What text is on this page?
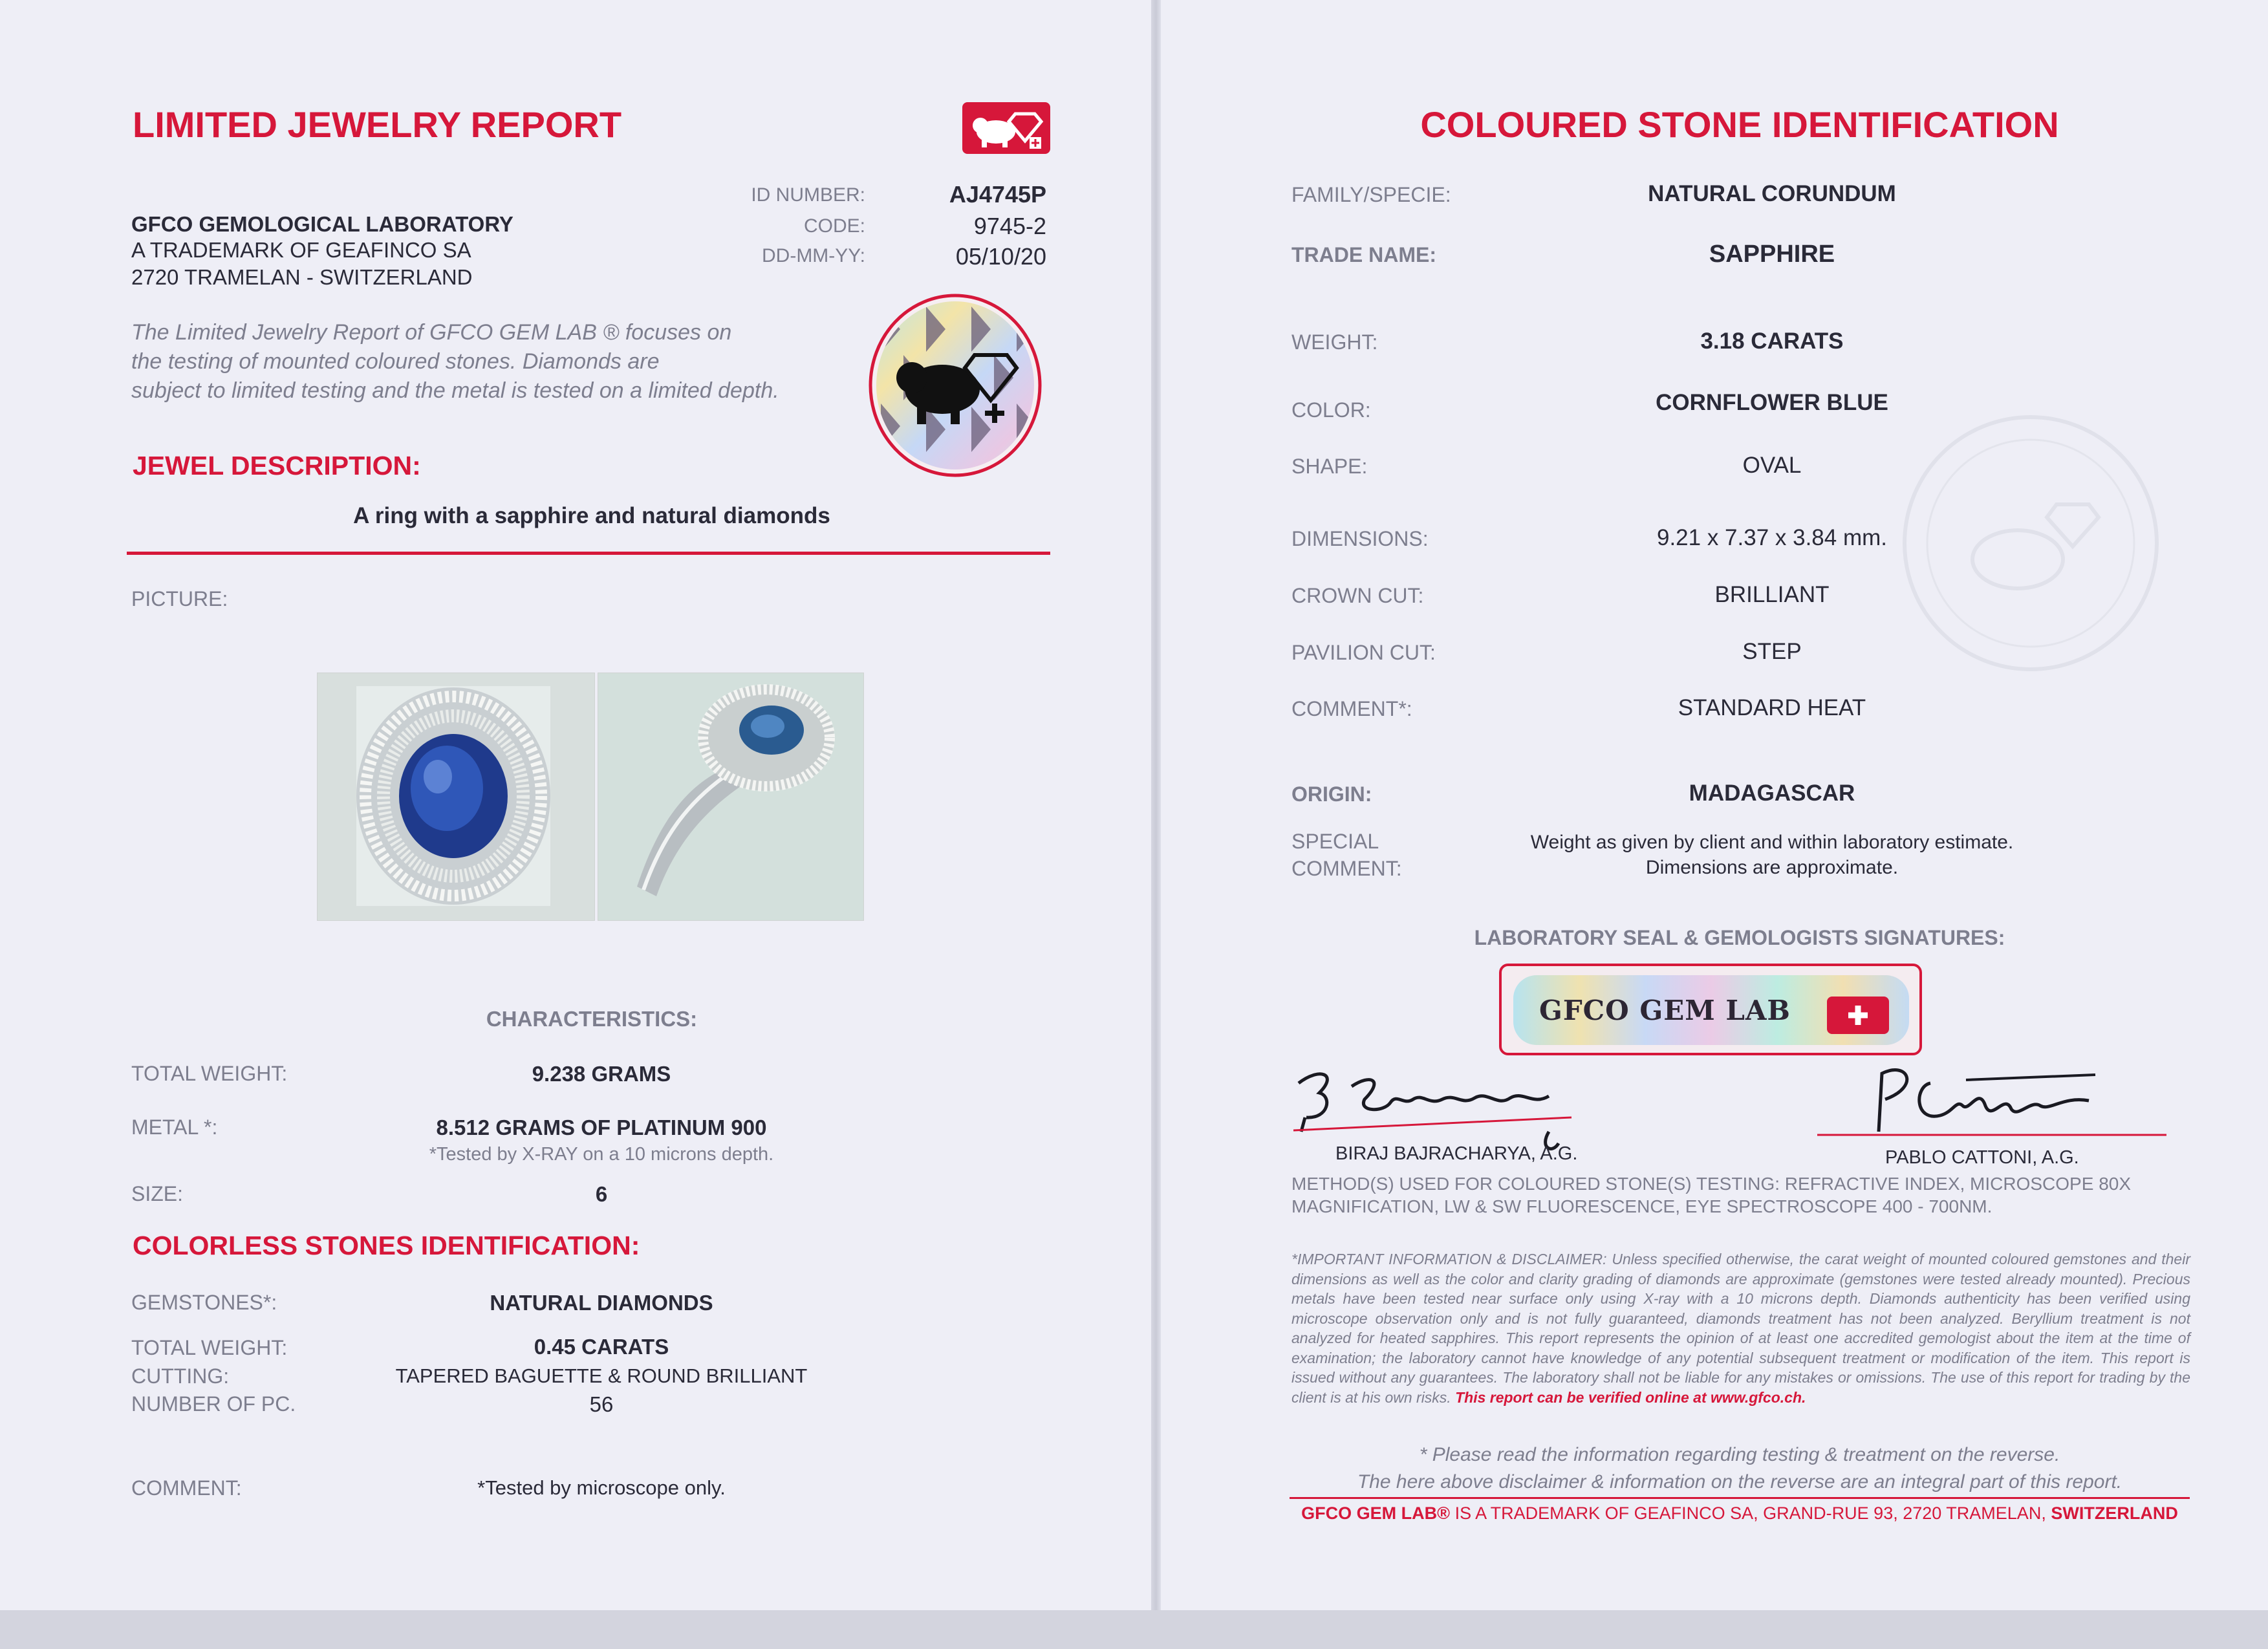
LIMITED JEWELRY REPORT
GFCO GEMOLOGICAL LABORATORY
A TRADEMARK OF GEAFINCO SA
2720 TRAMELAN - SWITZERLAND
ID NUMBER:	AJ4745P
CODE:	9745-2
DD-MM-YY:	05/10/20
The Limited Jewelry Report of GFCO GEM LAB ® focuses on
the testing of mounted coloured stones. Diamonds are
subject to limited testing and the metal is tested on a limited depth.
JEWEL DESCRIPTION:
A ring with a sapphire and natural diamonds
PICTURE:
CHARACTERISTICS:
TOTAL WEIGHT:	9.238 GRAMS
METAL *:	8.512 GRAMS OF PLATINUM 900
*Tested by X-RAY on a 10 microns depth.
SIZE:	6
COLORLESS STONES IDENTIFICATION:
GEMSTONES*:	NATURAL DIAMONDS
TOTAL WEIGHT:	0.45 CARATS
CUTTING:	TAPERED BAGUETTE & ROUND BRILLIANT
NUMBER OF PC.	56
COMMENT:	*Tested by microscope only.
COLOURED STONE IDENTIFICATION
FAMILY/SPECIE:	NATURAL CORUNDUM
TRADE NAME:	SAPPHIRE
WEIGHT:	3.18 CARATS
COLOR:	CORNFLOWER BLUE
SHAPE:	OVAL
DIMENSIONS:	9.21 x 7.37 x 3.84 mm.
CROWN CUT:	BRILLIANT
PAVILION CUT:	STEP
COMMENT*:	STANDARD HEAT
ORIGIN:	MADAGASCAR
SPECIAL
COMMENT:
Weight as given by client and within laboratory estimate.
Dimensions are approximate.
LABORATORY SEAL & GEMOLOGISTS SIGNATURES:
GFCO GEM LAB
BIRAJ BAJRACHARYA, A.G.	PABLO CATTONI, A.G.
METHOD(S) USED FOR COLOURED STONE(S) TESTING: REFRACTIVE INDEX, MICROSCOPE 80X
MAGNIFICATION, LW & SW FLUORESCENCE, EYE SPECTROSCOPE 400 - 700NM.
*IMPORTANT INFORMATION & DISCLAIMER: Unless specified otherwise, the carat weight of mounted coloured gemstones and their dimensions as well as the color and clarity grading of diamonds are approximate (gemstones were tested already mounted). Precious metals have been tested near surface only using X-ray with a 10 microns depth. Diamonds authenticity has been verified using microscope observation only and is not fully guaranteed, diamonds treatment has not been analyzed. Beryllium treatment is not analyzed for heated sapphires. This report represents the opinion of at least one accredited gemologist about the item at the time of examination; the laboratory cannot have knowledge of any potential subsequent treatment or modification of the item. This report is issued without any guarantees. The laboratory shall not be liable for any mistakes or omissions. The use of this report for trading by the client is at his own risks. This report can be verified online at www.gfco.ch.
* Please read the information regarding testing & treatment on the reverse.
The here above disclaimer & information on the reverse are an integral part of this report.
GFCO GEM LAB® IS A TRADEMARK OF GEAFINCO SA, GRAND-RUE 93, 2720 TRAMELAN, SWITZERLAND
